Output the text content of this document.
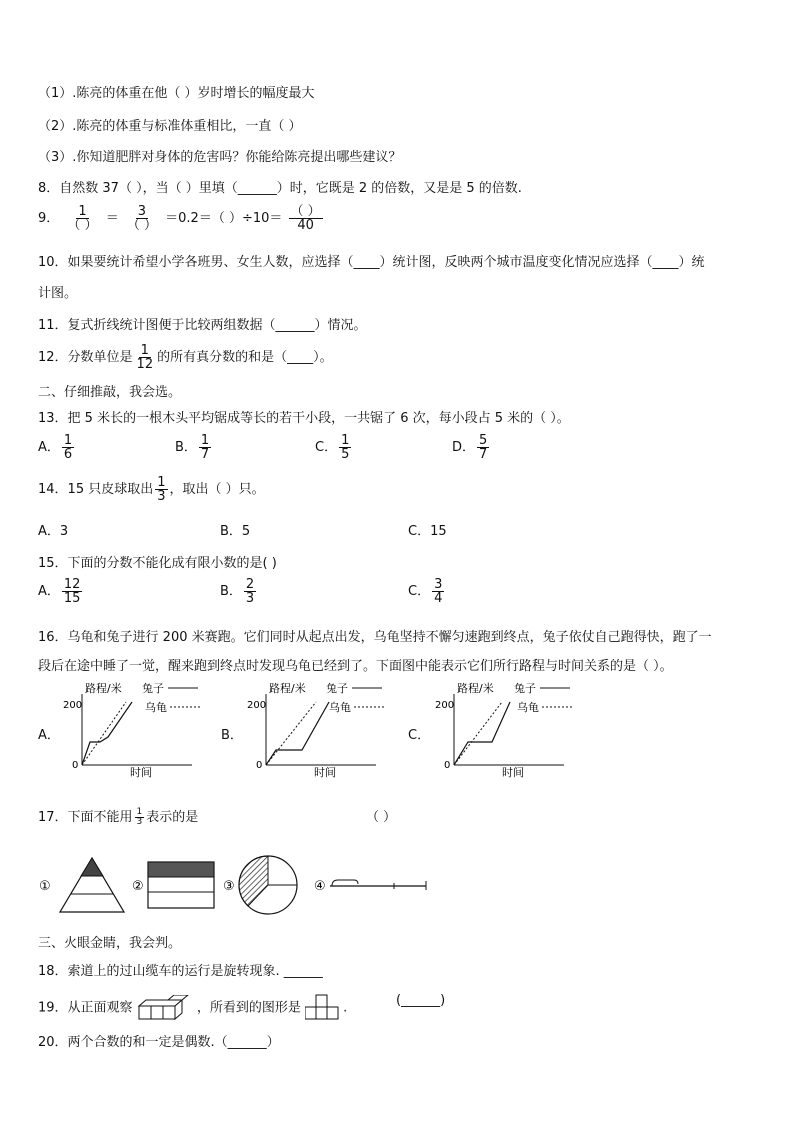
（1）.陈亮的体重在他（ ）岁时增长的幅度最大
（2）.陈亮的体重与标准体重相比，一直（ ）
（3）.你知道肥胖对身体的危害吗？你能给陈亮提出哪些建议？
8．自然数 37（ ），当（ ）里填（______）时，它既是 2 的倍数，又是是 5 的倍数.
9． $\frac{1}{( )} = \frac{3}{( )} =0.2=$（ ）$\div 10= \frac{( )}{40}$
10．如果要统计希望小学各班男、女生人数，应选择（____）统计图，反映两个城市温度变化情况应选择（____）统
计图。
11．复式折线统计图便于比较两组数据（______）情况。
12．分数单位是 $\frac{1}{12}$ 的所有真分数的和是（____）。
二、仔细推敲，我会选。
13．把 5 米长的一根木头平均锯成等长的若干小段，一共锯了 6 次，每小段占 5 米的（ ）。
A． $\frac{1}{6}$	B． $\frac{1}{7}$	C． $\frac{1}{5}$	D． $\frac{5}{7}$
14．15 只皮球取出 $\frac{1}{3}$ ，取出（ ）只。
A．3	B．5	C．15
15．下面的分数不能化成有限小数的是( )
A． $\frac{12}{15}$	B． $\frac{2}{3}$	C． $\frac{3}{4}$
16．乌龟和兔子进行 200 米赛跑。它们同时从起点出发，乌龟坚持不懈匀速跑到终点，兔子依仗自己跑得快，跑了一
段后在途中睡了一觉，醒来跑到终点时发现乌龟已经到了。下面图中能表示它们所行路程与时间关系的是（ ）。
A．
路程/米
时间
200
0
兔子
乌龟
B．
路程/米
时间
200
0
兔子
乌龟
C．
路程/米
时间
200
0
兔子
乌龟
17．下面不能用 $\frac{1}{3}$ 表示的是	（ ）
①	②	③	④
三、火眼金睛，我会判。
18．索道上的过山缆车的运行是旋转现象. ______
19．从正面观察	，所看到的图形是	.	(______)
20．两个合数的和一定是偶数.（______）
